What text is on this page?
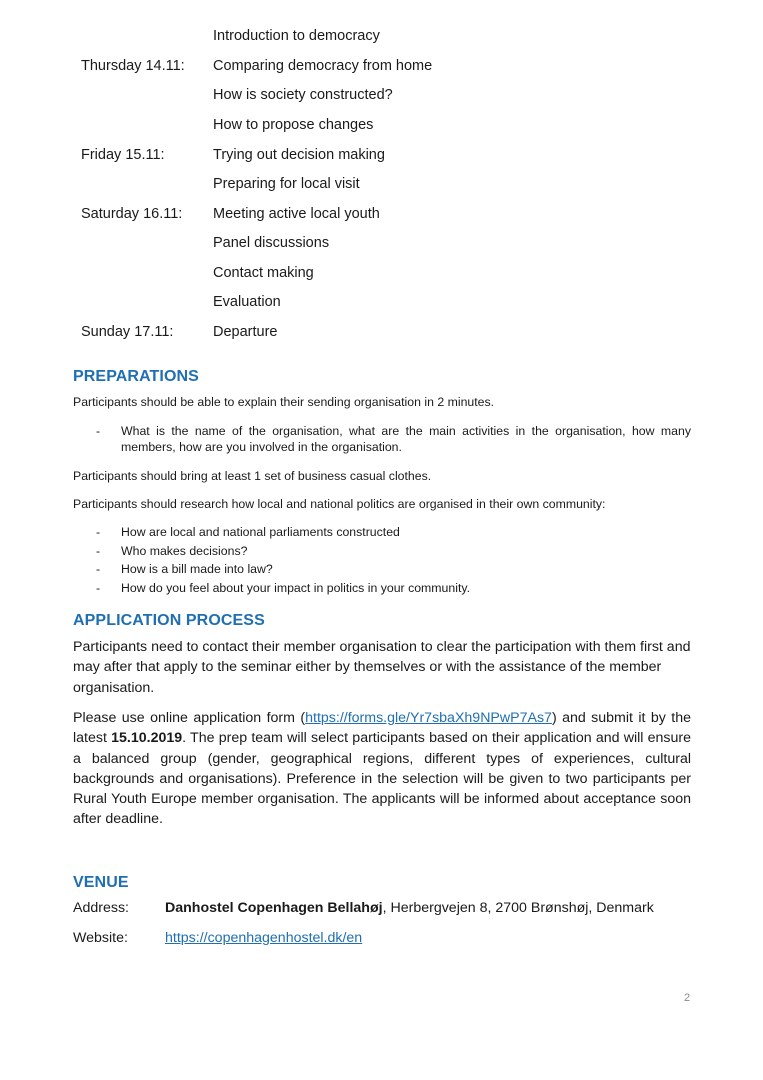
Introduction to democracy
Thursday 14.11: Comparing democracy from home
How is society constructed?
How to propose changes
Friday 15.11:	Trying out decision making
Preparing for local visit
Saturday 16.11: Meeting active local youth
Panel discussions
Contact making
Evaluation
Sunday 17.11:	Departure
PREPARATIONS

Participants should be able to explain their sending organisation in 2 minutes.

- What is the name of the organisation, what are the main activities in the organisation, how many members, how are you involved in the organisation.

Participants should bring at least 1 set of business casual clothes.

Participants should research how local and national politics are organised in their own community:

- How are local and national parliaments constructed
- Who makes decisions?
- How is a bill made into law?
- How do you feel about your impact in politics in your community.
APPLICATION PROCESS

Participants need to contact their member organisation to clear the participation with them first and may after that apply to the seminar either by themselves or with the assistance of the member organisation.

Please use online application form (https://forms.gle/Yr7sbaXh9NPwP7As7) and submit it by the latest 15.10.2019. The prep team will select participants based on their application and will ensure a balanced group (gender, geographical regions, different types of experiences, cultural backgrounds and organisations). Preference in the selection will be given to two participants per Rural Youth Europe member organisation. The applicants will be informed about acceptance soon after deadline.

VENUE
Address:	Danhostel Copenhagen Bellahøj, Herbergvejen 8, 2700 Brønshøj, Denmark
Website:	https://copenhagenhostel.dk/en
2
